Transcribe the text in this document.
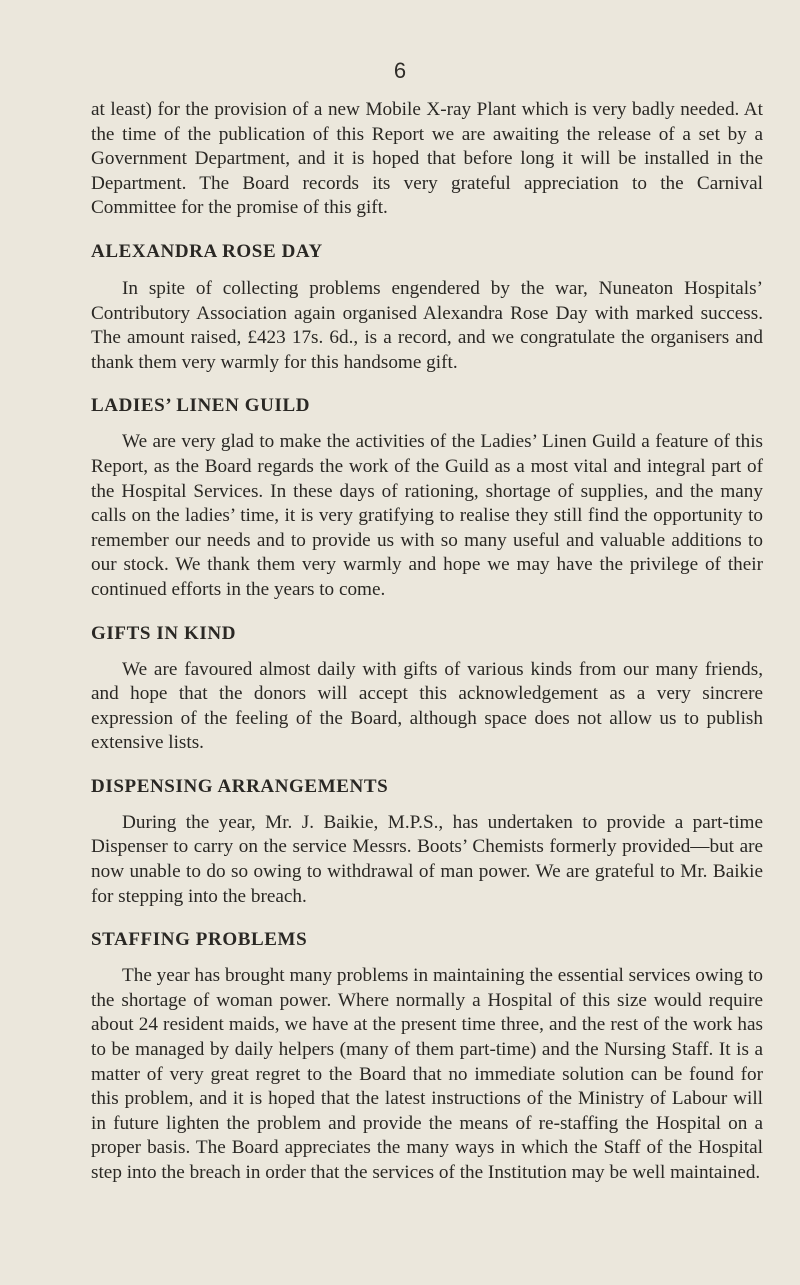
6

at least) for the provision of a new Mobile X-ray Plant which is very badly needed. At the time of the publication of this Report we are awaiting the release of a set by a Government Department, and it is hoped that before long it will be installed in the Department. The Board records its very grateful appreciation to the Carnival Committee for the promise of this gift.

ALEXANDRA ROSE DAY

In spite of collecting problems engendered by the war, Nuneaton Hospitals’ Contributory Association again organised Alexandra Rose Day with marked success. The amount raised, £423 17s. 6d., is a record, and we congratulate the organisers and thank them very warmly for this handsome gift.

LADIES’ LINEN GUILD

We are very glad to make the activities of the Ladies’ Linen Guild a feature of this Report, as the Board regards the work of the Guild as a most vital and integral part of the Hospital Services. In these days of rationing, shortage of supplies, and the many calls on the ladies’ time, it is very gratifying to realise they still find the opportunity to remember our needs and to provide us with so many useful and valuable additions to our stock. We thank them very warmly and hope we may have the privilege of their continued efforts in the years to come.

GIFTS IN KIND

We are favoured almost daily with gifts of various kinds from our many friends, and hope that the donors will accept this acknowledgement as a very sincrere expression of the feeling of the Board, although space does not allow us to publish extensive lists.

DISPENSING ARRANGEMENTS

During the year, Mr. J. Baikie, M.P.S., has undertaken to provide a part-time Dispenser to carry on the service Messrs. Boots’ Chemists formerly provided—but are now unable to do so owing to withdrawal of man power. We are grateful to Mr. Baikie for stepping into the breach.

STAFFING PROBLEMS

The year has brought many problems in maintaining the essential services owing to the shortage of woman power. Where normally a Hospital of this size would require about 24 resident maids, we have at the present time three, and the rest of the work has to be managed by daily helpers (many of them part-time) and the Nursing Staff. It is a matter of very great regret to the Board that no immediate solution can be found for this problem, and it is hoped that the latest instructions of the Ministry of Labour will in future lighten the problem and provide the means of re-staffing the Hospital on a proper basis. The Board appreciates the many ways in which the Staff of the Hospital step into the breach in order that the services of the Institution may be well maintained.
